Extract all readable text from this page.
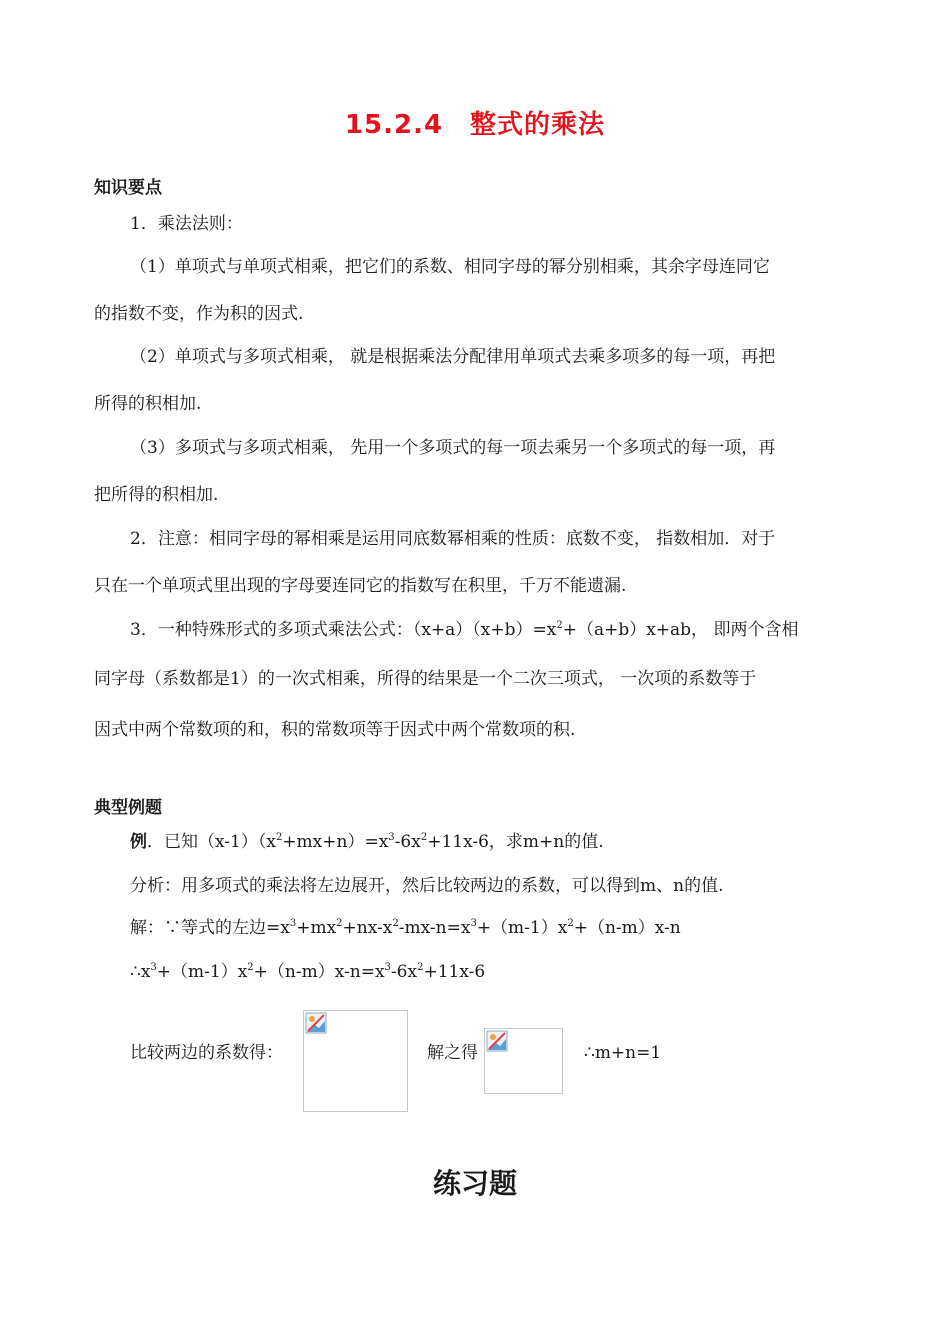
15.2.4　整式的乘法
知识要点
1．乘法法则：
（1）单项式与单项式相乘，把它们的系数、相同字母的幂分别相乘，其余字母连同它
的指数不变，作为积的因式.
（2）单项式与多项式相乘， 就是根据乘法分配律用单项式去乘多项多的每一项，再把
所得的积相加.
（3）多项式与多项式相乘， 先用一个多项式的每一项去乘另一个多项式的每一项，再
把所得的积相加.
2．注意：相同字母的幂相乘是运用同底数幂相乘的性质：底数不变， 指数相加．对于
只在一个单项式里出现的字母要连同它的指数写在积里，千万不能遗漏.
3．一种特殊形式的多项式乘法公式：$(x+a)(x+b)=x^2+(a+b)x+ab$， 即两个含相
同字母（系数都是1）的一次式相乘，所得的结果是一个二次三项式， 一次项的系数等于
因式中两个常数项的和，积的常数项等于因式中两个常数项的积.
典型例题
例．已知$(x-1)(x^2+mx+n)=x^3-6x^2+11x-6$，求m+n的值.
分析：用多项式的乘法将左边展开，然后比较两边的系数，可以得到m、n的值.
解：∵等式的左边$=x^3+mx^2+nx-x^2-mx-n=x^3+(m-1)x^2+(n-m)x-n$
$\therefore x^3+(m-1)x^2+(n-m)x-n=x^3-6x^2+11x-6$
比较两边的系数得：	解之得	∴m+n=1
练习题
